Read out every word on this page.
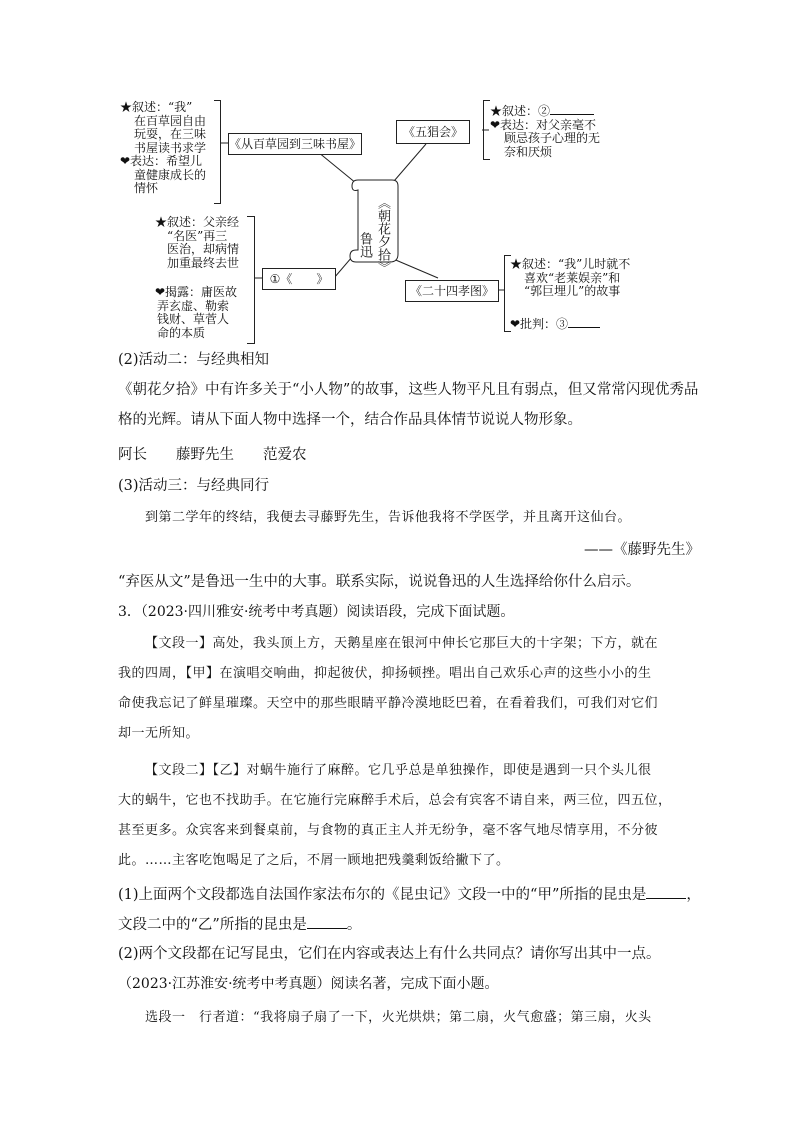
《朝花夕拾》
鲁迅
《从百草园到三味书屋》
《五猖会》
①《　　》
《二十四孝图》
★叙述：“我”
在百草园自由
玩耍，在三味
书屋读书求学
❤表达：希望儿
童健康成长的
情怀
★叙述：②
❤表达：对父亲毫不
顾忌孩子心理的无
奈和厌烦
★叙述：父亲经
“名医”再三
医治，却病情
加重最终去世
❤揭露：庸医故
弄玄虚、勒索
钱财、草菅人
命的本质
★叙述：“我”儿时就不
喜欢“老莱娱亲”和
“郭巨埋儿”的故事
❤批判：③
(2)活动二：与经典相知
《朝花夕拾》中有许多关于“小人物”的故事，这些人物平凡且有弱点，但又常常闪现优秀品
格的光辉。请从下面人物中选择一个，结合作品具体情节说说人物形象。
阿长　　藤野先生　　范爱农
(3)活动三：与经典同行
到第二学年的终结，我便去寻藤野先生，告诉他我将不学医学，并且离开这仙台。
——《藤野先生》
“弃医从文”是鲁迅一生中的大事。联系实际，说说鲁迅的人生选择给你什么启示。
3．（2023·四川雅安·统考中考真题）阅读语段，完成下面试题。
【文段一】高处，我头顶上方，天鹅星座在银河中伸长它那巨大的十字架；下方，就在
我的四周，【甲】在演唱交响曲，抑起彼伏，抑扬顿挫。唱出自己欢乐心声的这些小小的生
命使我忘记了鲜星璀璨。天空中的那些眼睛平静冷漠地眨巴着，在看着我们，可我们对它们
却一无所知。
【文段二】【乙】对蜗牛施行了麻醉。它几乎总是单独操作，即使是遇到一只个头儿很
大的蜗牛，它也不找助手。在它施行完麻醉手术后，总会有宾客不请自来，两三位，四五位，
甚至更多。众宾客来到餐桌前，与食物的真正主人并无纷争，毫不客气地尽情享用，不分彼
此。……主客吃饱喝足了之后，不屑一顾地把残羹剩饭给撇下了。
(1)上面两个文段都选自法国作家法布尔的《昆虫记》文段一中的“甲”所指的昆虫是	，
文段二中的“乙”所指的昆虫是	。
(2)两个文段都在记写昆虫，它们在内容或表达上有什么共同点？请你写出其中一点。
（2023·江苏淮安·统考中考真题）阅读名著，完成下面小题。
选段一　行者道：“我将扇子扇了一下，火光烘烘；第二扇，火气愈盛；第三扇，火头
